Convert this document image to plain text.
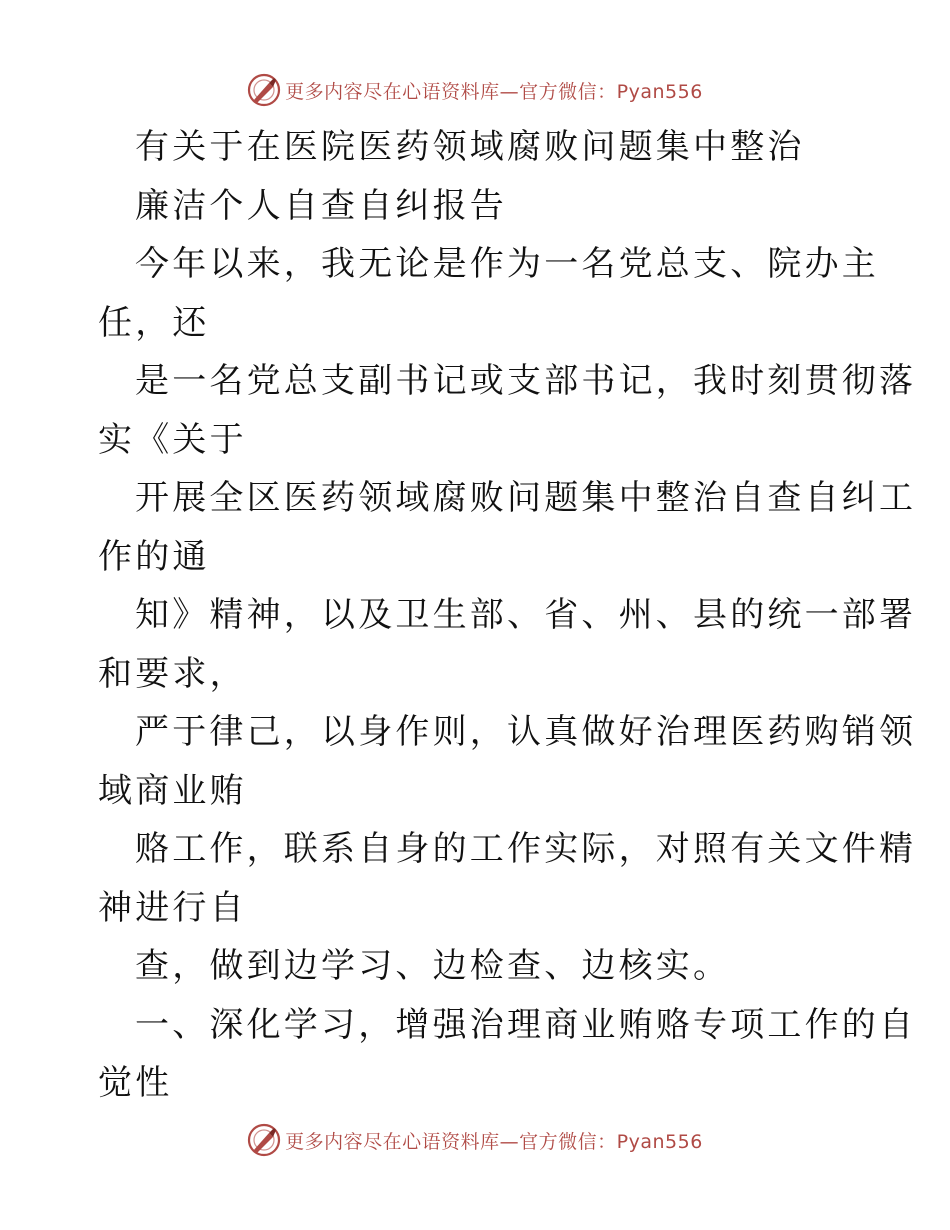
更多内容尽在心语资料库—官方微信：Pyan556
有关于在医院医药领域腐败问题集中整治
廉洁个人自查自纠报告
今年以来，我无论是作为一名党总支、院办主
任，还
是一名党总支副书记或支部书记，我时刻贯彻落
实《关于
开展全区医药领域腐败问题集中整治自查自纠工
作的通
知》精神，以及卫生部、省、州、县的统一部署
和要求，
严于律己，以身作则，认真做好治理医药购销领
域商业贿
赂工作，联系自身的工作实际，对照有关文件精
神进行自
查，做到边学习、边检查、边核实。
一、深化学习，增强治理商业贿赂专项工作的自
觉性
更多内容尽在心语资料库—官方微信：Pyan556
